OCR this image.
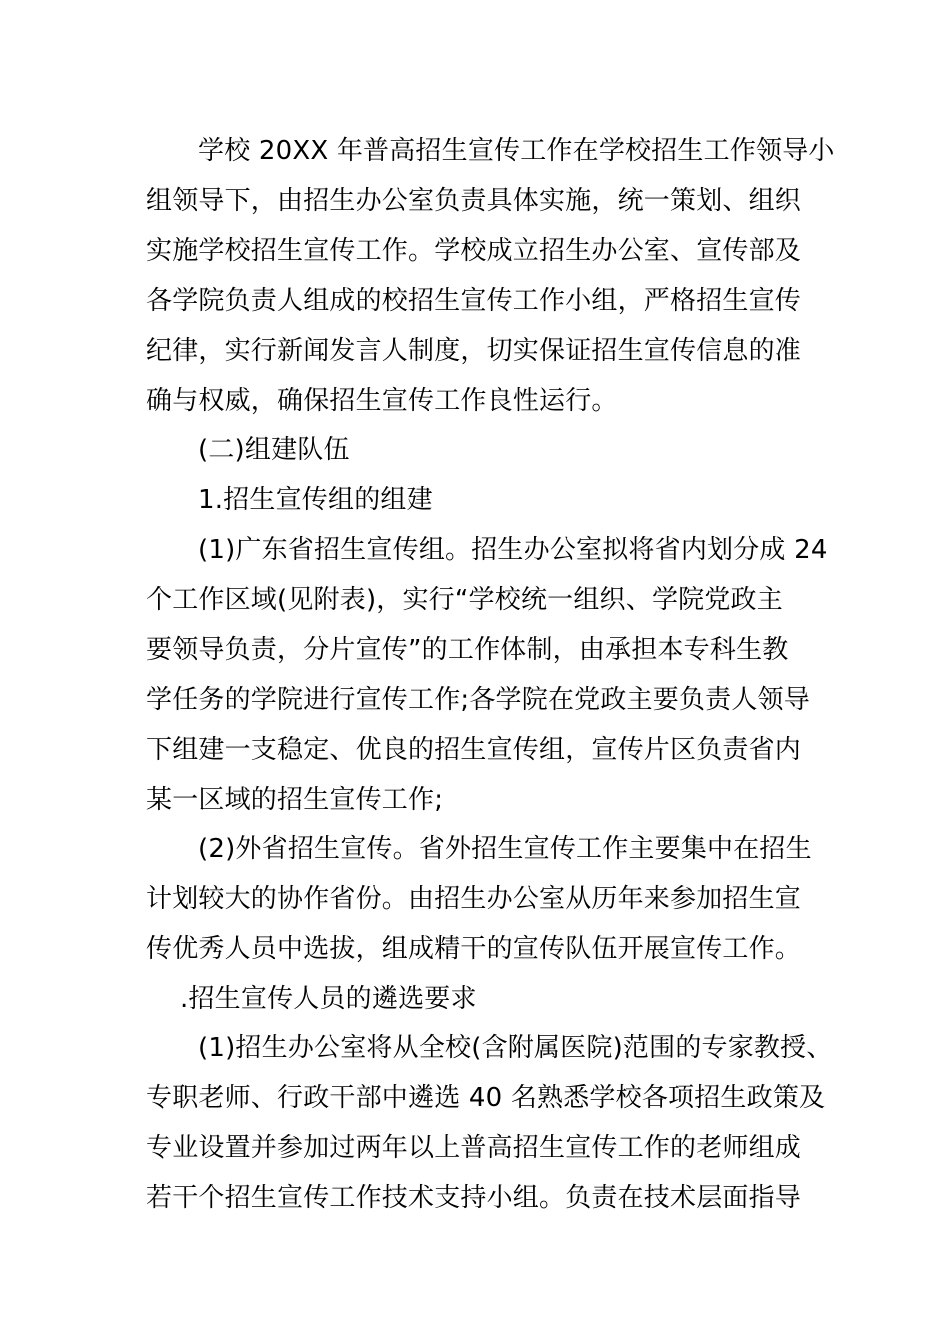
学校 20XX 年普高招生宣传工作在学校招生工作领导小
组领导下，由招生办公室负责具体实施，统一策划、组织
实施学校招生宣传工作。学校成立招生办公室、宣传部及
各学院负责人组成的校招生宣传工作小组，严格招生宣传
纪律，实行新闻发言人制度，切实保证招生宣传信息的准
确与权威，确保招生宣传工作良性运行。
(二)组建队伍
1.招生宣传组的组建
(1)广东省招生宣传组。招生办公室拟将省内划分成 24
个工作区域(见附表)，实行“学校统一组织、学院党政主
要领导负责，分片宣传”的工作体制，由承担本专科生教
学任务的学院进行宣传工作;各学院在党政主要负责人领导
下组建一支稳定、优良的招生宣传组，宣传片区负责省内
某一区域的招生宣传工作;
(2)外省招生宣传。省外招生宣传工作主要集中在招生
计划较大的协作省份。由招生办公室从历年来参加招生宣
传优秀人员中选拔，组成精干的宣传队伍开展宣传工作。
.招生宣传人员的遴选要求
(1)招生办公室将从全校(含附属医院)范围的专家教授、
专职老师、行政干部中遴选 40 名熟悉学校各项招生政策及
专业设置并参加过两年以上普高招生宣传工作的老师组成
若干个招生宣传工作技术支持小组。负责在技术层面指导
